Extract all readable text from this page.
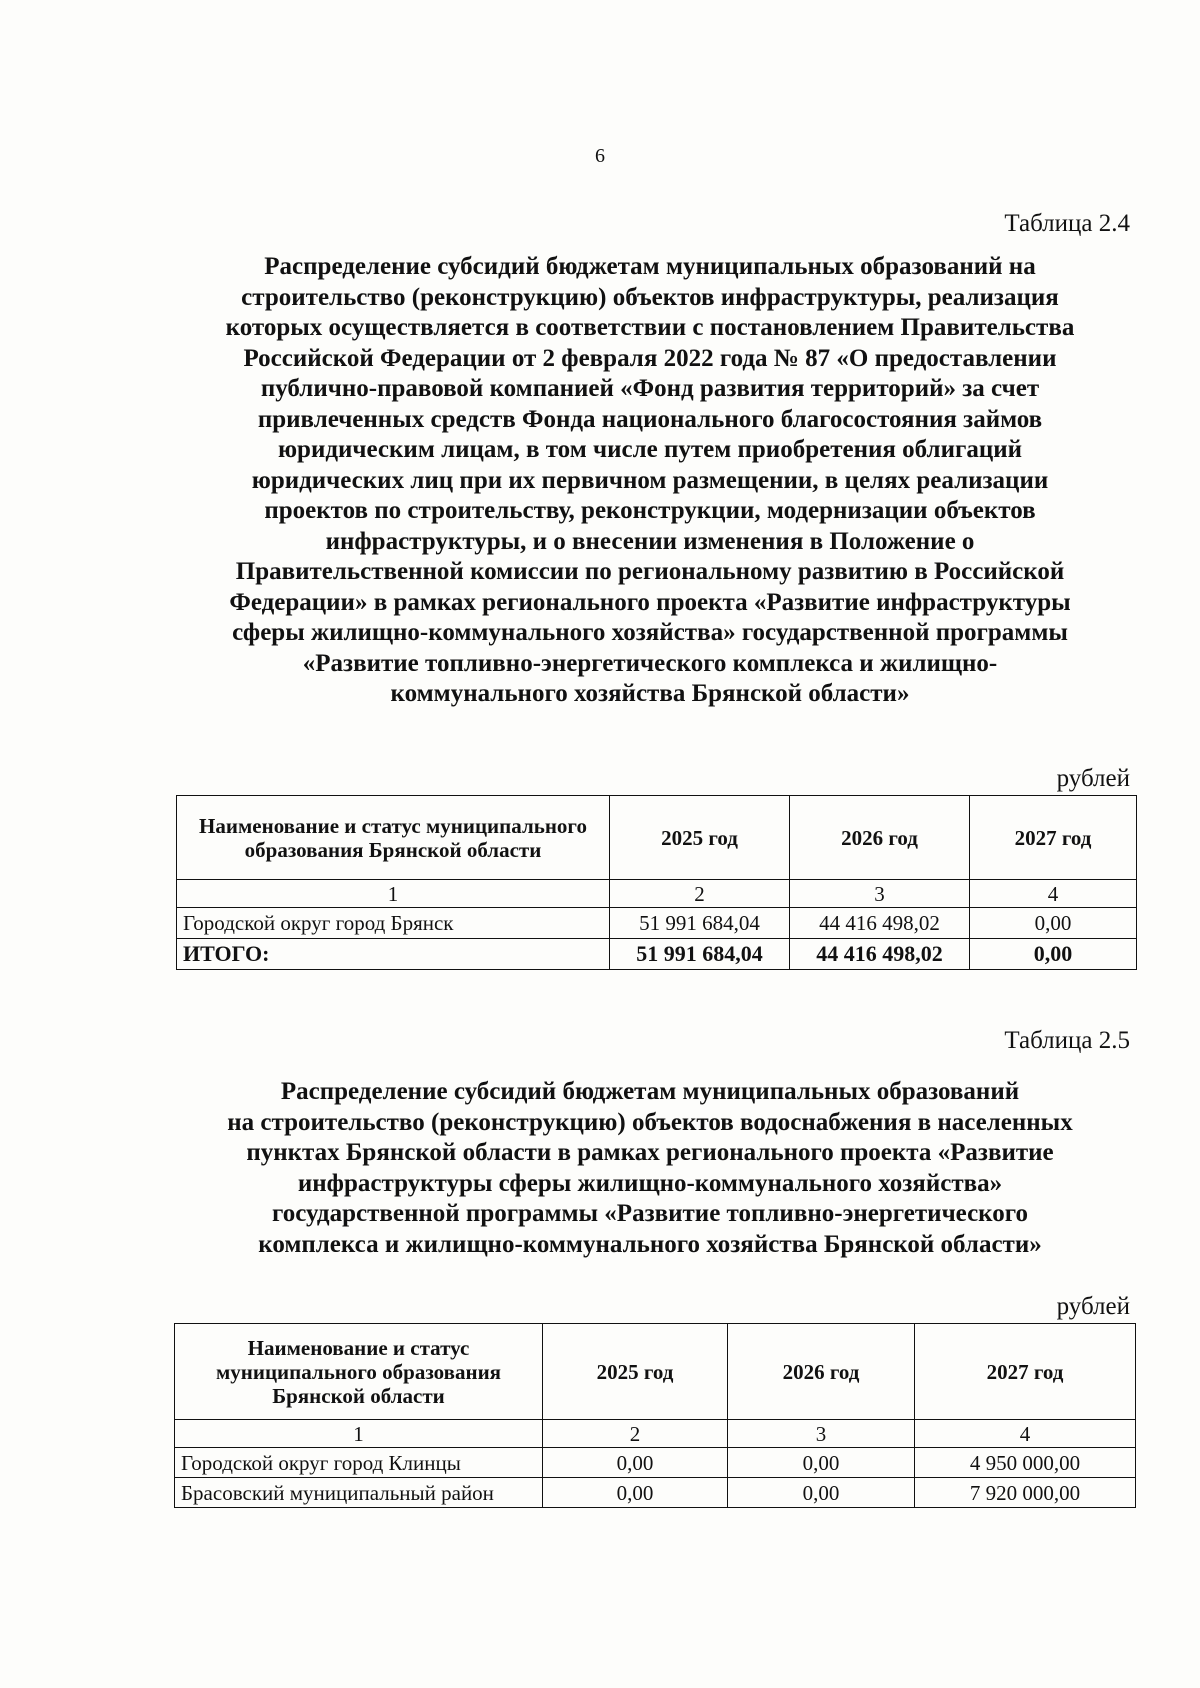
6
Таблица 2.4
Распределение субсидий бюджетам муниципальных образований на
строительство (реконструкцию) объектов инфраструктуры, реализация
которых осуществляется в соответствии с постановлением Правительства
Российской Федерации от 2 февраля 2022 года № 87 «О предоставлении
публично-правовой компанией «Фонд развития территорий» за счет
привлеченных средств Фонда национального благосостояния займов
юридическим лицам, в том числе путем приобретения облигаций
юридических лиц при их первичном размещении, в целях реализации
проектов по строительству, реконструкции, модернизации объектов
инфраструктуры, и о внесении изменения в Положение о
Правительственной комиссии по региональному развитию в Российской
Федерации» в рамках регионального проекта «Развитие инфраструктуры
сферы жилищно-коммунального хозяйства» государственной программы
«Развитие топливно-энергетического комплекса и жилищно-
коммунального хозяйства Брянской области»
рублей
Наименование и статус муниципального образования Брянской области	2025 год	2026 год	2027 год
1	2	3	4
Городской округ город Брянск	51 991 684,04	44 416 498,02	0,00
ИТОГО:	51 991 684,04	44 416 498,02	0,00
Таблица 2.5
Распределение субсидий бюджетам муниципальных образований
на строительство (реконструкцию) объектов водоснабжения в населенных
пунктах Брянской области в рамках регионального проекта «Развитие
инфраструктуры сферы жилищно-коммунального хозяйства»
государственной программы «Развитие топливно-энергетического
комплекса и жилищно-коммунального хозяйства Брянской области»
рублей
Наименование и статус муниципального образования Брянской области	2025 год	2026 год	2027 год
1	2	3	4
Городской округ город Клинцы	0,00	0,00	4 950 000,00
Брасовский муниципальный район	0,00	0,00	7 920 000,00
